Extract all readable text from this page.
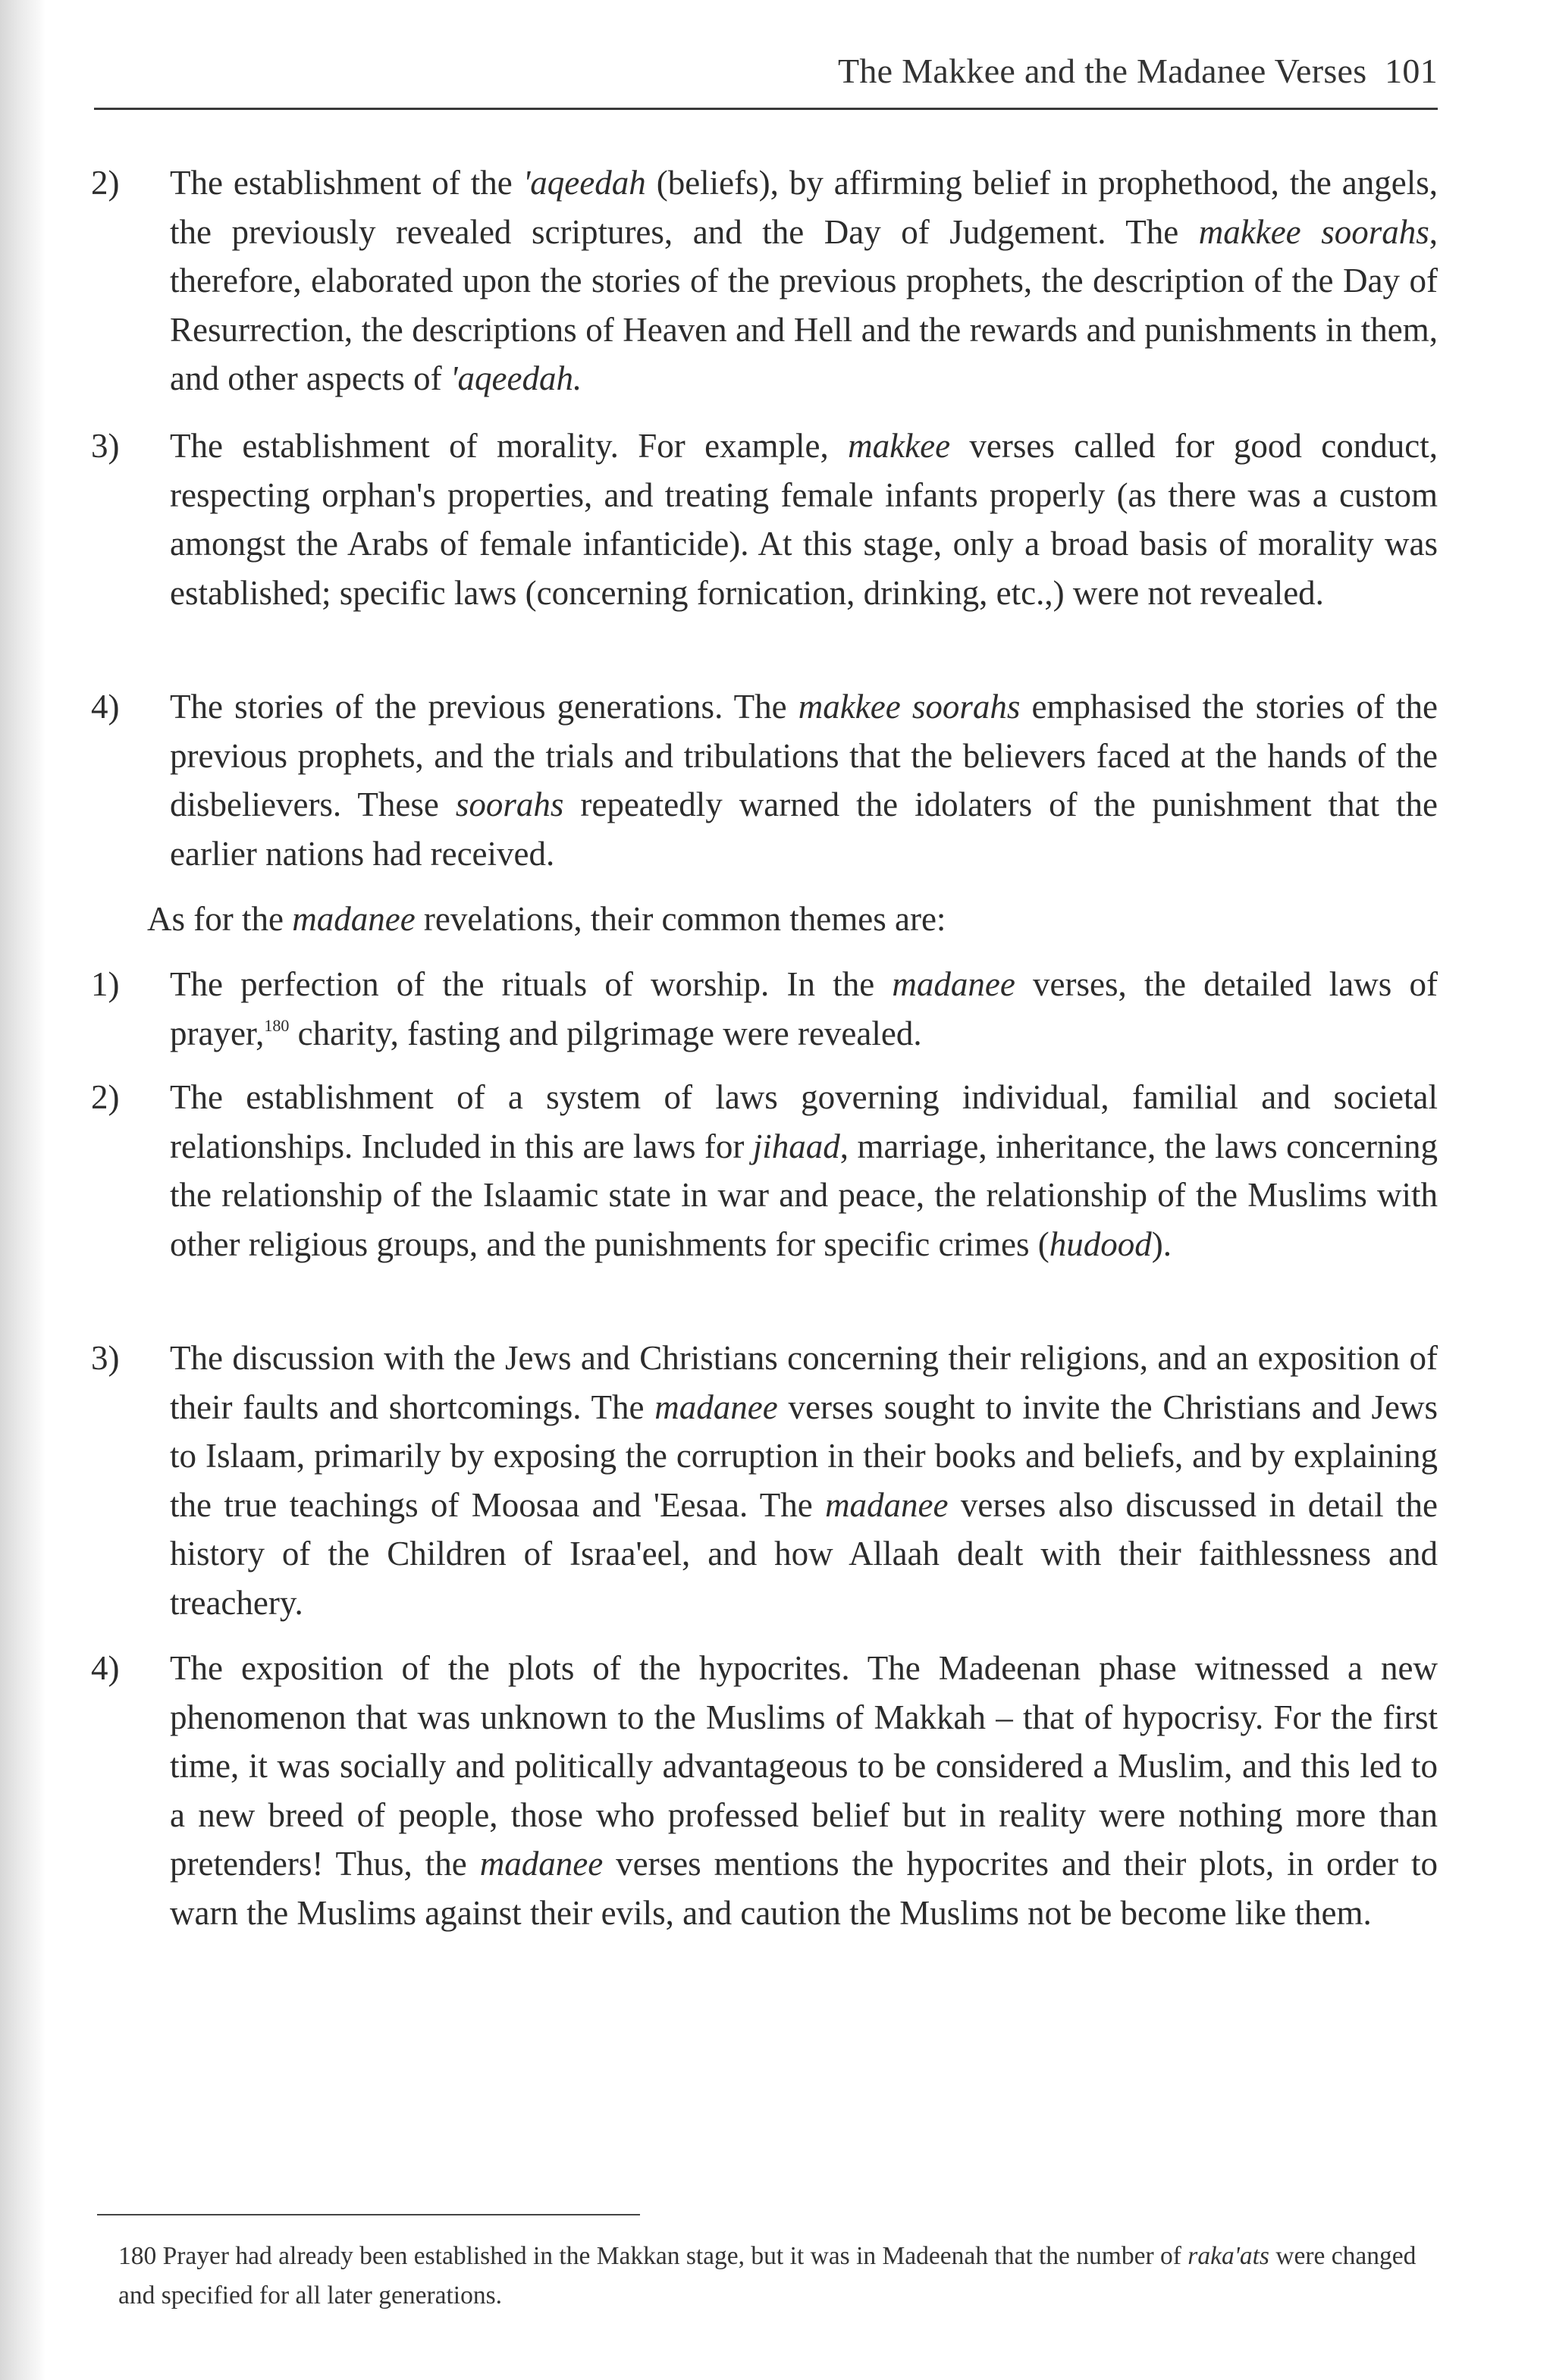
The Makkee and the Madanee Verses 101
2) The establishment of the 'aqeedah (beliefs), by affirming belief in prophethood, the angels, the previously revealed scriptures, and the Day of Judgement. The makkee soorahs, therefore, elaborated upon the stories of the previous prophets, the description of the Day of Resurrection, the descriptions of Heaven and Hell and the rewards and punishments in them, and other aspects of 'aqeedah.
3) The establishment of morality. For example, makkee verses called for good conduct, respecting orphan's properties, and treating female infants properly (as there was a custom amongst the Arabs of female infanticide). At this stage, only a broad basis of morality was established; specific laws (concerning fornication, drinking, etc.,) were not revealed.
4) The stories of the previous generations. The makkee soorahs emphasised the stories of the previous prophets, and the trials and tribulations that the believers faced at the hands of the disbelievers. These soorahs repeatedly warned the idolaters of the punishment that the earlier nations had received.
As for the madanee revelations, their common themes are:
1) The perfection of the rituals of worship. In the madanee verses, the detailed laws of prayer,$^{180}$ charity, fasting and pilgrimage were revealed.
2) The establishment of a system of laws governing individual, familial and societal relationships. Included in this are laws for jihaad, marriage, inheritance, the laws concerning the relationship of the Islaamic state in war and peace, the relationship of the Muslims with other religious groups, and the punishments for specific crimes (hudood).
3) The discussion with the Jews and Christians concerning their religions, and an exposition of their faults and shortcomings. The madanee verses sought to invite the Christians and Jews to Islaam, primarily by exposing the corruption in their books and beliefs, and by explaining the true teachings of Moosaa and 'Eesaa. The madanee verses also discussed in detail the history of the Children of Israa'eel, and how Allaah dealt with their faithlessness and treachery.
4) The exposition of the plots of the hypocrites. The Madeenan phase witnessed a new phenomenon that was unknown to the Muslims of Makkah – that of hypocrisy. For the first time, it was socially and politically advantageous to be considered a Muslim, and this led to a new breed of people, those who professed belief but in reality were nothing more than pretenders! Thus, the madanee verses mentions the hypocrites and their plots, in order to warn the Muslims against their evils, and caution the Muslims not be become like them.
180 Prayer had already been established in the Makkan stage, but it was in Madeenah that the number of raka'ats were changed and specified for all later generations.
